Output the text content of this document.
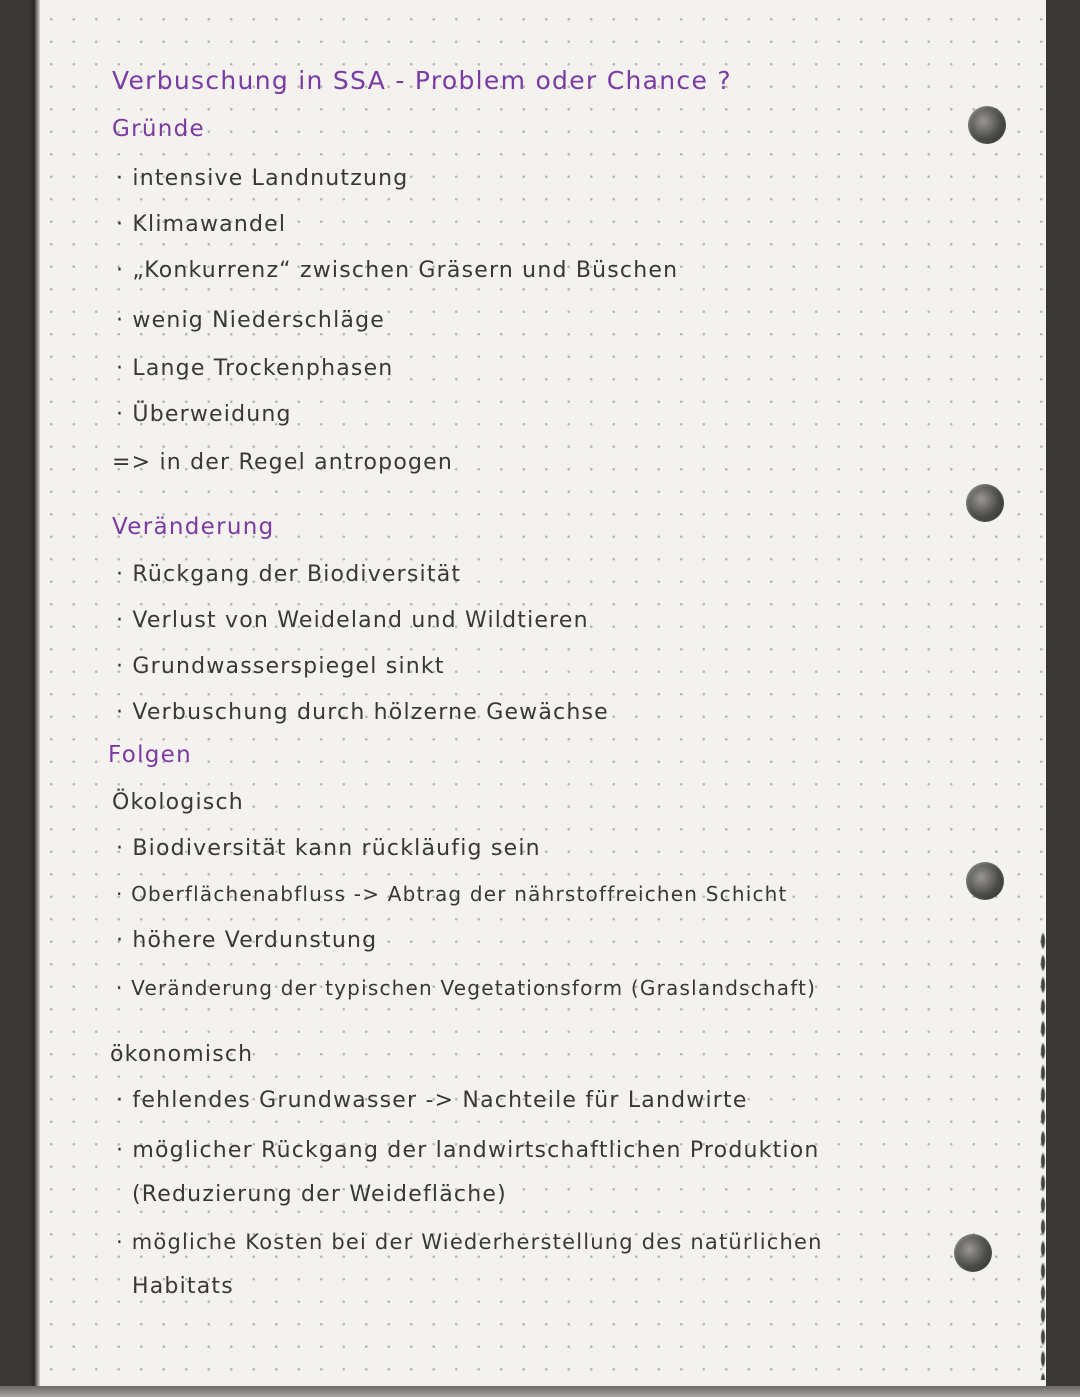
Verbuschung in SSA - Problem oder Chance ?
Gründe
· intensive Landnutzung
· Klimawandel
· „Konkurrenz“ zwischen Gräsern und Büschen
· wenig Niederschläge
· Lange Trockenphasen
· Überweidung
=> in der Regel antropogen
Veränderung
· Rückgang der Biodiversität
· Verlust von Weideland und Wildtieren
· Grundwasserspiegel sinkt
· Verbuschung durch hölzerne Gewächse
Folgen
Ökologisch
· Biodiversität kann rückläufig sein
· Oberflächenabfluss -> Abtrag der nährstoffreichen Schicht
· höhere Verdunstung
· Veränderung der typischen Vegetationsform (Graslandschaft)
ökonomisch
· fehlendes Grundwasser -> Nachteile für Landwirte
· möglicher Rückgang der landwirtschaftlichen Produktion
(Reduzierung der Weidefläche)
· mögliche Kosten bei der Wiederherstellung des natürlichen
Habitats
